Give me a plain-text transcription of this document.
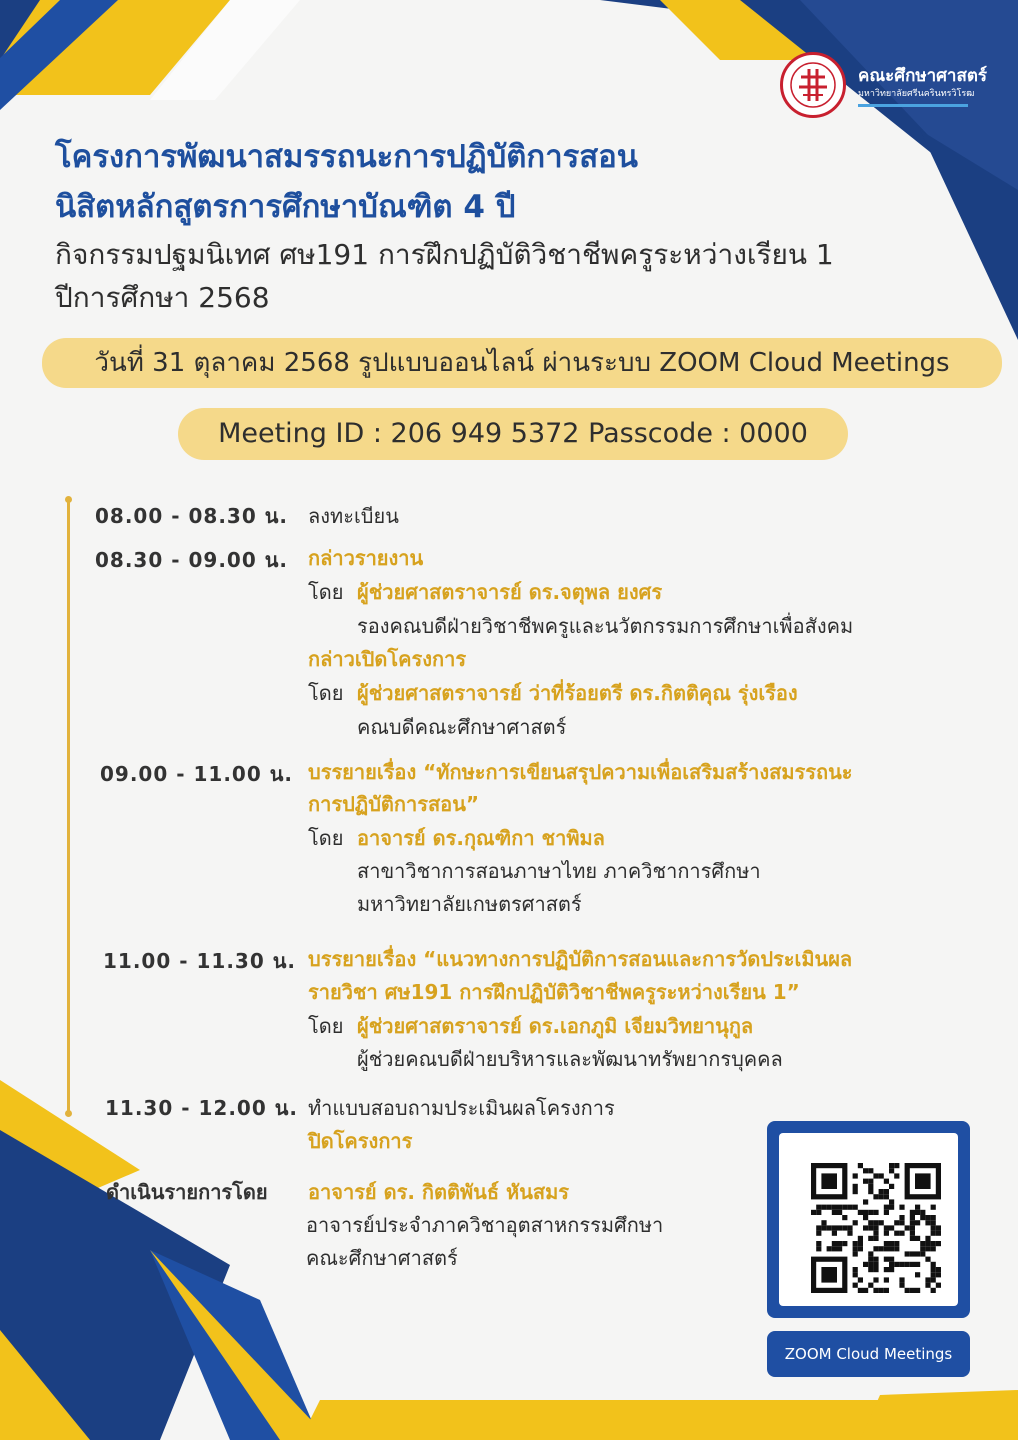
คณะศึกษาศาสตร์
มหาวิทยาลัยศรีนครินทรวิโรฒ
โครงการพัฒนาสมรรถนะการปฏิบัติการสอน
นิสิตหลักสูตรการศึกษาบัณฑิต 4 ปี
กิจกรรมปฐมนิเทศ ศษ191 การฝึกปฏิบัติวิชาชีพครูระหว่างเรียน 1
ปีการศึกษา 2568
วันที่ 31 ตุลาคม 2568 รูปแบบออนไลน์ ผ่านระบบ ZOOM Cloud Meetings
Meeting ID : 206 949 5372 Passcode : 0000
08.00 - 08.30 น. ลงทะเบียน
08.30 - 09.00 น. กล่าวรายงาน
โดย ผู้ช่วยศาสตราจารย์ ดร.จตุพล ยงศร
รองคณบดีฝ่ายวิชาชีพครูและนวัตกรรมการศึกษาเพื่อสังคม
กล่าวเปิดโครงการ
โดย ผู้ช่วยศาสตราจารย์ ว่าที่ร้อยตรี ดร.กิตติคุณ รุ่งเรือง
คณบดีคณะศึกษาศาสตร์
09.00 - 11.00 น. บรรยายเรื่อง “ทักษะการเขียนสรุปความเพื่อเสริมสร้างสมรรถนะ
การปฏิบัติการสอน”
โดย อาจารย์ ดร.กุณฑิกา ชาพิมล
สาขาวิชาการสอนภาษาไทย ภาควิชาการศึกษา
มหาวิทยาลัยเกษตรศาสตร์
11.00 - 11.30 น. บรรยายเรื่อง “แนวทางการปฏิบัติการสอนและการวัดประเมินผล
รายวิชา ศษ191 การฝึกปฏิบัติวิชาชีพครูระหว่างเรียน 1”
โดย ผู้ช่วยศาสตราจารย์ ดร.เอกภูมิ เจียมวิทยานุกูล
ผู้ช่วยคณบดีฝ่ายบริหารและพัฒนาทรัพยากรบุคคล
11.30 - 12.00 น. ทำแบบสอบถามประเมินผลโครงการ
ปิดโครงการ
ดำเนินรายการโดย อาจารย์ ดร. กิตติพันธ์ หันสมร
อาจารย์ประจำภาควิชาอุตสาหกรรมศึกษา
คณะศึกษาศาสตร์
ZOOM Cloud Meetings
